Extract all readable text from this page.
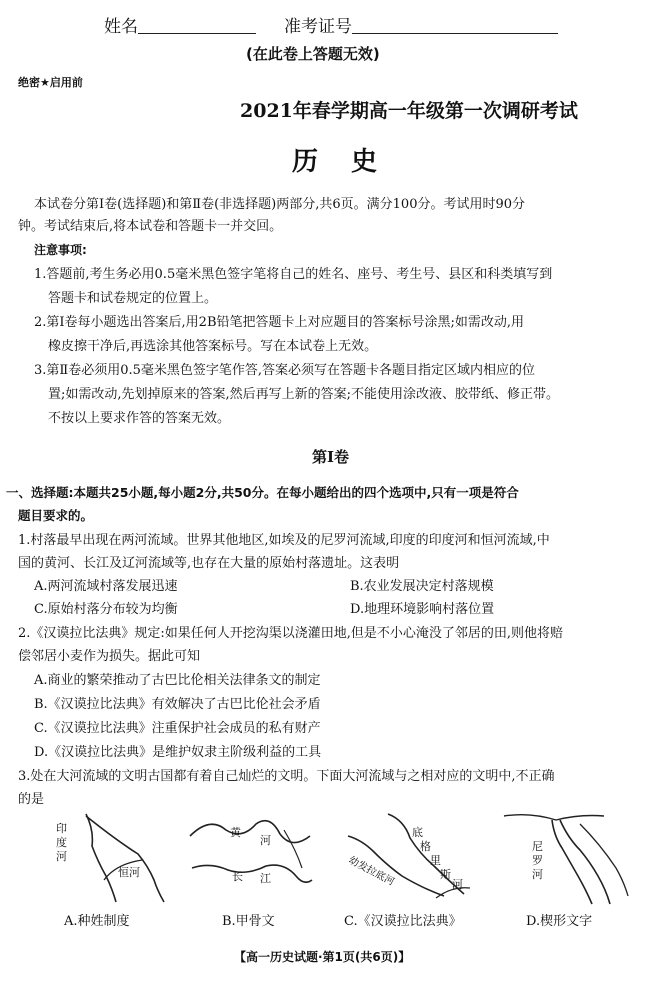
姓名	准考证号
(在此卷上答题无效)
绝密★启用前
2021年春学期高一年级第一次调研考试
历 史
本试卷分第Ⅰ卷(选择题)和第Ⅱ卷(非选择题)两部分,共6页。满分100分。考试用时90分
钟。考试结束后,将本试卷和答题卡一并交回。
注意事项:
1.答题前,考生务必用0.5毫米黑色签字笔将自己的姓名、座号、考生号、县区和科类填写到
答题卡和试卷规定的位置上。
2.第Ⅰ卷每小题选出答案后,用2B铅笔把答题卡上对应题目的答案标号涂黑;如需改动,用
橡皮擦干净后,再选涂其他答案标号。写在本试卷上无效。
3.第Ⅱ卷必须用0.5毫米黑色签字笔作答,答案必须写在答题卡各题目指定区域内相应的位
置;如需改动,先划掉原来的答案,然后再写上新的答案;不能使用涂改液、胶带纸、修正带。
不按以上要求作答的答案无效。
第Ⅰ卷
一、选择题:本题共25小题,每小题2分,共50分。在每小题给出的四个选项中,只有一项是符合
题目要求的。
1.村落最早出现在两河流域。世界其他地区,如埃及的尼罗河流域,印度的印度河和恒河流域,中
国的黄河、长江及辽河流域等,也存在大量的原始村落遗址。这表明
A.两河流域村落发展迅速	B.农业发展决定村落规模
C.原始村落分布较为均衡	D.地理环境影响村落位置
2.《汉谟拉比法典》规定:如果任何人开挖沟渠以浇灌田地,但是不小心淹没了邻居的田,则他将赔
偿邻居小麦作为损失。据此可知
A.商业的繁荣推动了古巴比伦相关法律条文的制定
B.《汉谟拉比法典》有效解决了古巴比伦社会矛盾
C.《汉谟拉比法典》注重保护社会成员的私有财产
D.《汉谟拉比法典》是维护奴隶主阶级利益的工具
3.处在大河流域的文明古国都有着自己灿烂的文明。下面大河流域与之相对应的文明中,不正确
的是
印
度
河
恒河
A.种姓制度
黄
河
长 江
B.甲骨文
底
格
里
斯
河
幼发拉底河
C.《汉谟拉比法典》
尼
罗
河
D.楔形文字
【高一历史试题·第1页(共6页)】
